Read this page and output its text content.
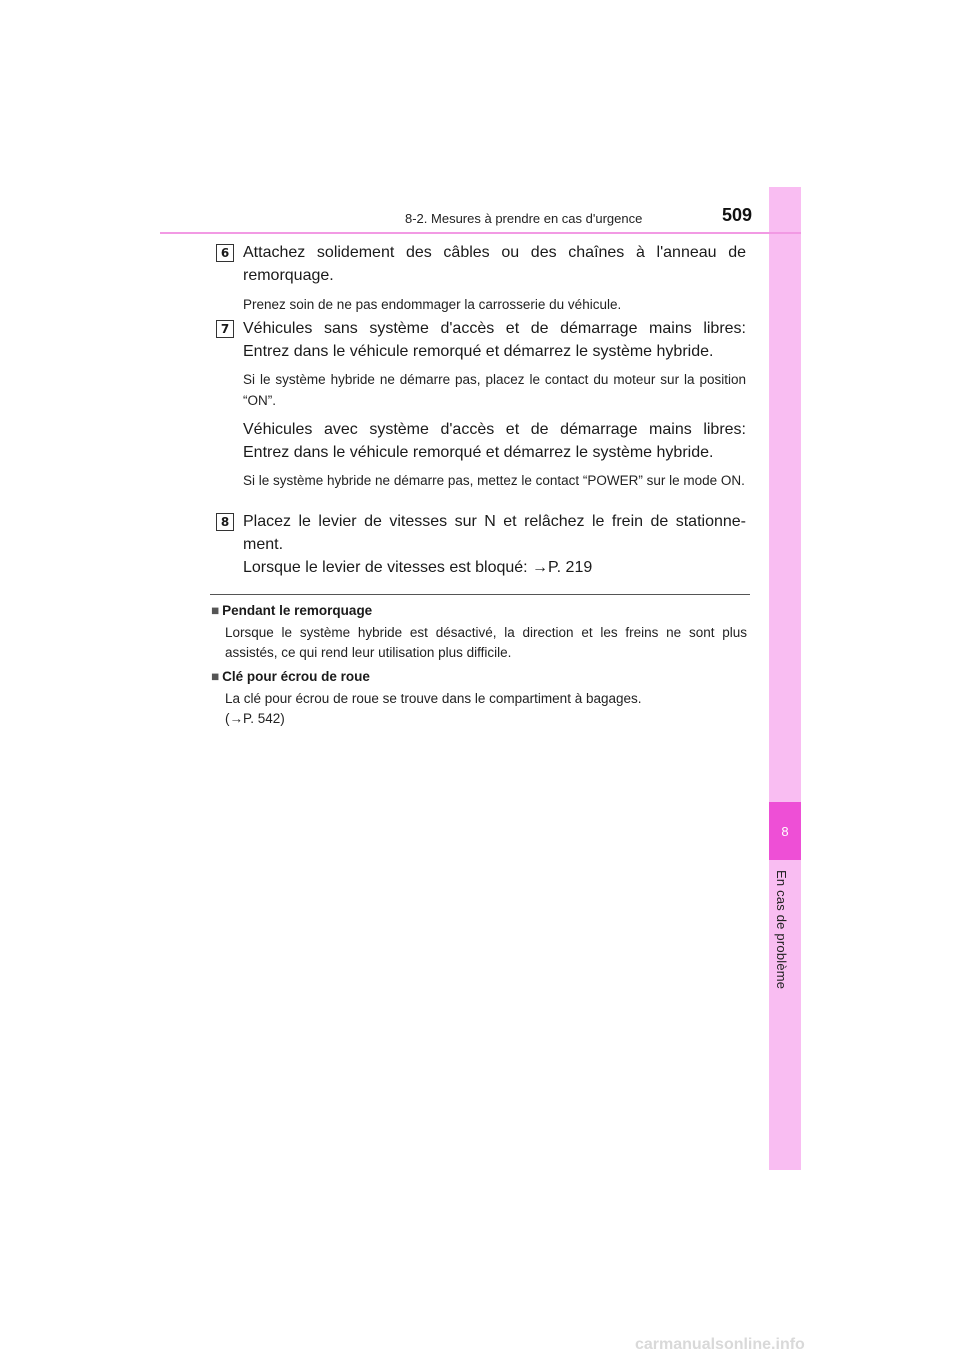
8
En cas de problème
8-2. Mesures à prendre en cas d'urgence	509
6 Attachez solidement des câbles ou des chaînes à l'anneau de

remorquage.

Prenez soin de ne pas endommager la carrosserie du véhicule.

7 Véhicules sans système d'accès et de démarrage mains libres:

Entrez dans le véhicule remorqué et démarrez le système hybride.

Si le système hybride ne démarre pas, placez le contact du moteur sur la position “ON”.

Véhicules avec système d'accès et de démarrage mains libres:

Entrez dans le véhicule remorqué et démarrez le système hybride.

Si le système hybride ne démarre pas, mettez le contact “POWER” sur le mode ON.

8 Placez le levier de vitesses sur N et relâchez le frein de stationne-

ment.

Lorsque le levier de vitesses est bloqué: →P. 219

■ Pendant le remorquage

Lorsque le système hybride est désactivé, la direction et les freins ne sont plus assistés, ce qui rend leur utilisation plus difficile.

■ Clé pour écrou de roue

La clé pour écrou de roue se trouve dans le compartiment à bagages.

(→P. 542)

carmanualsonline.info
